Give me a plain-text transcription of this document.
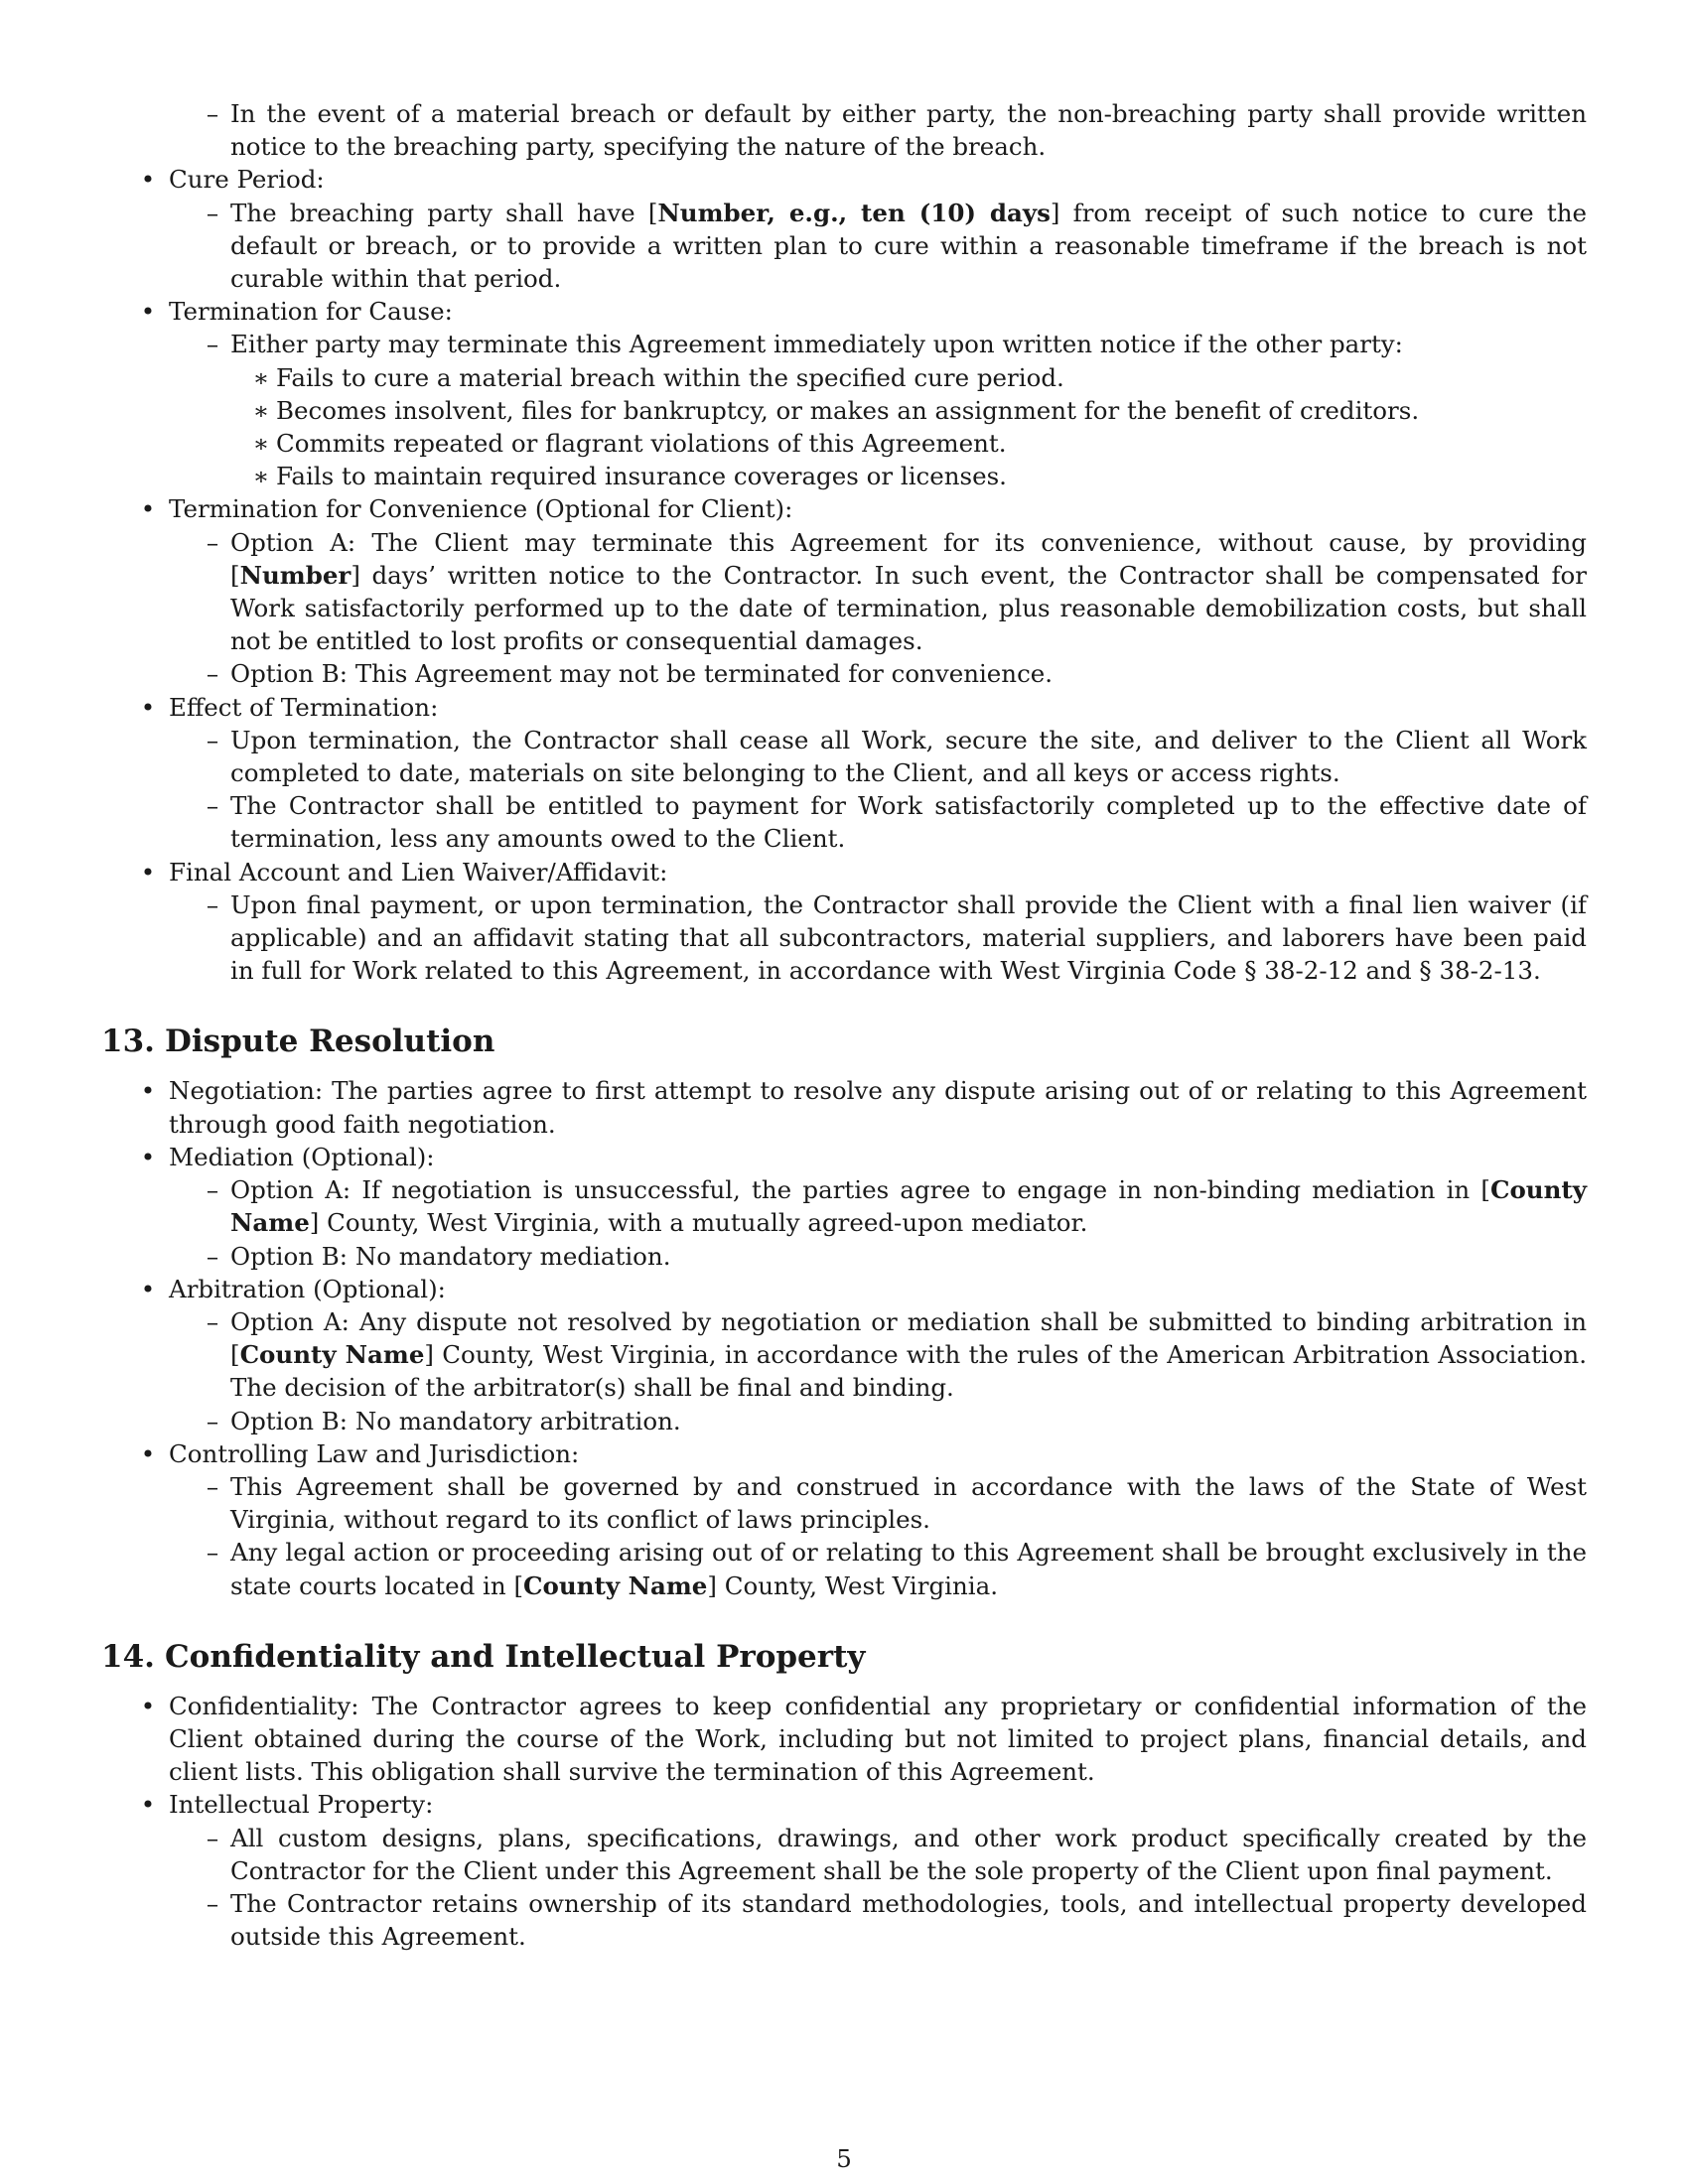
– In the event of a material breach or default by either party, the non-breaching party shall provide written notice to the breaching party, specifying the nature of the breach.
• Cure Period:
– The breaching party shall have [Number, e.g., ten (10) days] from receipt of such notice to cure the default or breach, or to provide a written plan to cure within a reasonable timeframe if the breach is not curable within that period.
• Termination for Cause:
– Either party may terminate this Agreement immediately upon written notice if the other party:
∗ Fails to cure a material breach within the specified cure period.
∗ Becomes insolvent, files for bankruptcy, or makes an assignment for the benefit of creditors.
∗ Commits repeated or flagrant violations of this Agreement.
∗ Fails to maintain required insurance coverages or licenses.
• Termination for Convenience (Optional for Client):
– Option A: The Client may terminate this Agreement for its convenience, without cause, by providing [Number] days’ written notice to the Contractor. In such event, the Contractor shall be compensated for Work satisfactorily performed up to the date of termination, plus reasonable demobilization costs, but shall not be entitled to lost profits or consequential damages.
– Option B: This Agreement may not be terminated for convenience.
• Effect of Termination:
– Upon termination, the Contractor shall cease all Work, secure the site, and deliver to the Client all Work completed to date, materials on site belonging to the Client, and all keys or access rights.
– The Contractor shall be entitled to payment for Work satisfactorily completed up to the effective date of termination, less any amounts owed to the Client.
• Final Account and Lien Waiver/Affidavit:
– Upon final payment, or upon termination, the Contractor shall provide the Client with a final lien waiver (if applicable) and an affidavit stating that all subcontractors, material suppliers, and laborers have been paid in full for Work related to this Agreement, in accordance with West Virginia Code § 38-2-12 and § 38-2-13.
13. Dispute Resolution
• Negotiation: The parties agree to first attempt to resolve any dispute arising out of or relating to this Agreement through good faith negotiation.
• Mediation (Optional):
– Option A: If negotiation is unsuccessful, the parties agree to engage in non-binding mediation in [County Name] County, West Virginia, with a mutually agreed-upon mediator.
– Option B: No mandatory mediation.
• Arbitration (Optional):
– Option A: Any dispute not resolved by negotiation or mediation shall be submitted to binding arbitration in [County Name] County, West Virginia, in accordance with the rules of the American Arbitration Association. The decision of the arbitrator(s) shall be final and binding.
– Option B: No mandatory arbitration.
• Controlling Law and Jurisdiction:
– This Agreement shall be governed by and construed in accordance with the laws of the State of West Virginia, without regard to its conflict of laws principles.
– Any legal action or proceeding arising out of or relating to this Agreement shall be brought exclusively in the state courts located in [County Name] County, West Virginia.
14. Confidentiality and Intellectual Property
• Confidentiality: The Contractor agrees to keep confidential any proprietary or confidential information of the Client obtained during the course of the Work, including but not limited to project plans, financial details, and client lists. This obligation shall survive the termination of this Agreement.
• Intellectual Property:
– All custom designs, plans, specifications, drawings, and other work product specifically created by the Contractor for the Client under this Agreement shall be the sole property of the Client upon final payment.
– The Contractor retains ownership of its standard methodologies, tools, and intellectual property developed outside this Agreement.
5
